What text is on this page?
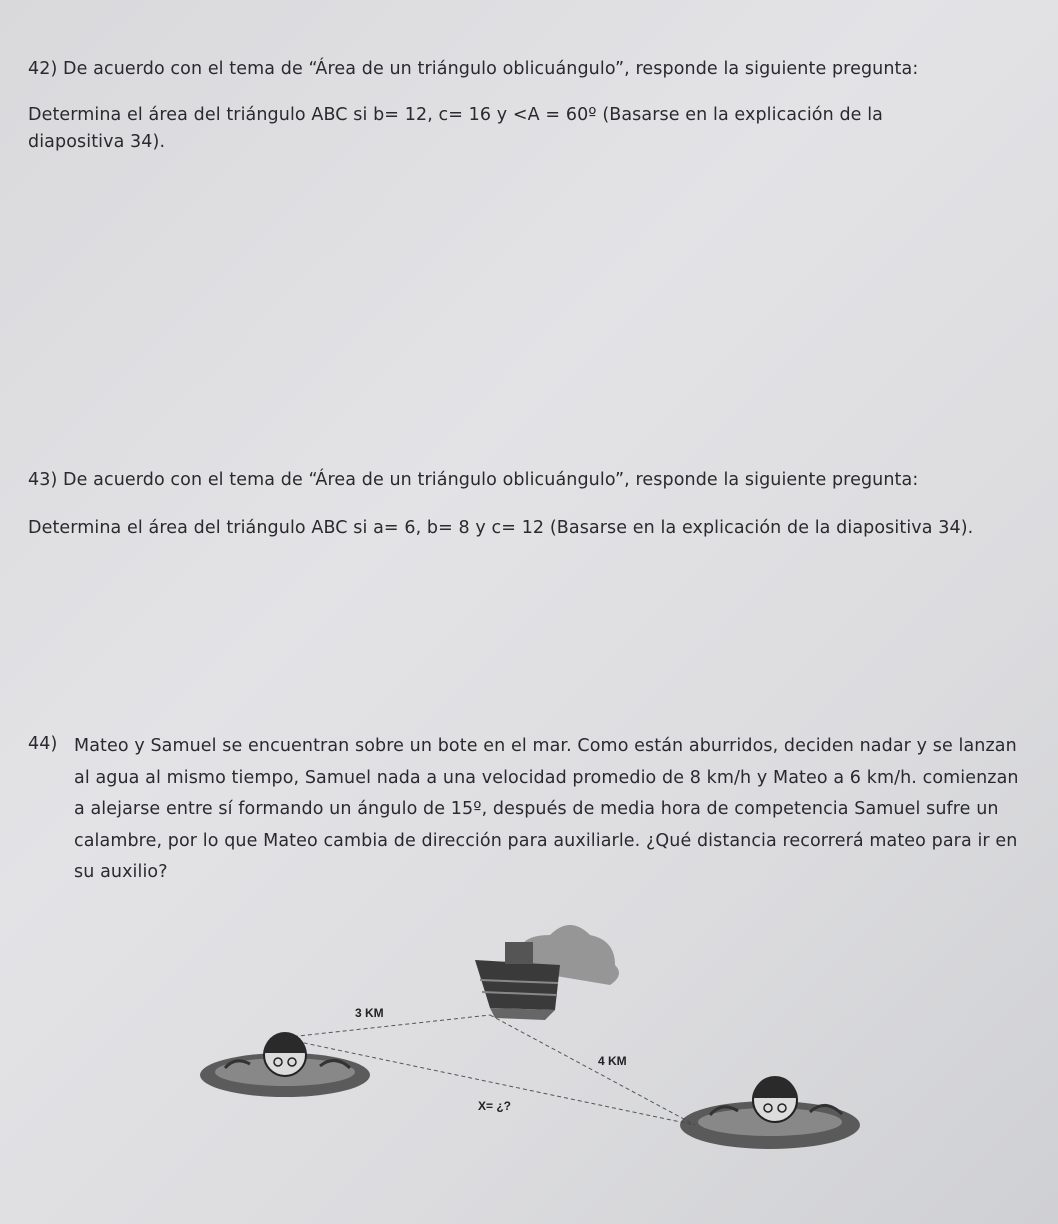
42) De acuerdo con el tema de “Área de un triángulo oblicuángulo”, responde la siguiente pregunta:
Determina el área del triángulo ABC si b= 12, c= 16 y <A = 60º (Basarse en la explicación de la diapositiva 34).
43) De acuerdo con el tema de “Área de un triángulo oblicuángulo”, responde la siguiente pregunta:
Determina el área del triángulo ABC si a= 6, b= 8 y c= 12 (Basarse en la explicación de la diapositiva 34).
44) Mateo y Samuel se encuentran sobre un bote en el mar. Como están aburridos, deciden nadar y se lanzan al agua al mismo tiempo, Samuel nada a una velocidad promedio de 8 km/h y Mateo a 6 km/h. comienzan a alejarse entre sí formando un ángulo de 15º, después de media hora de competencia Samuel sufre un calambre, por lo que Mateo cambia de dirección para auxiliarle. ¿Qué distancia recorrerá mateo para ir en su auxilio?
3 KM
4 KM
X= ¿?
